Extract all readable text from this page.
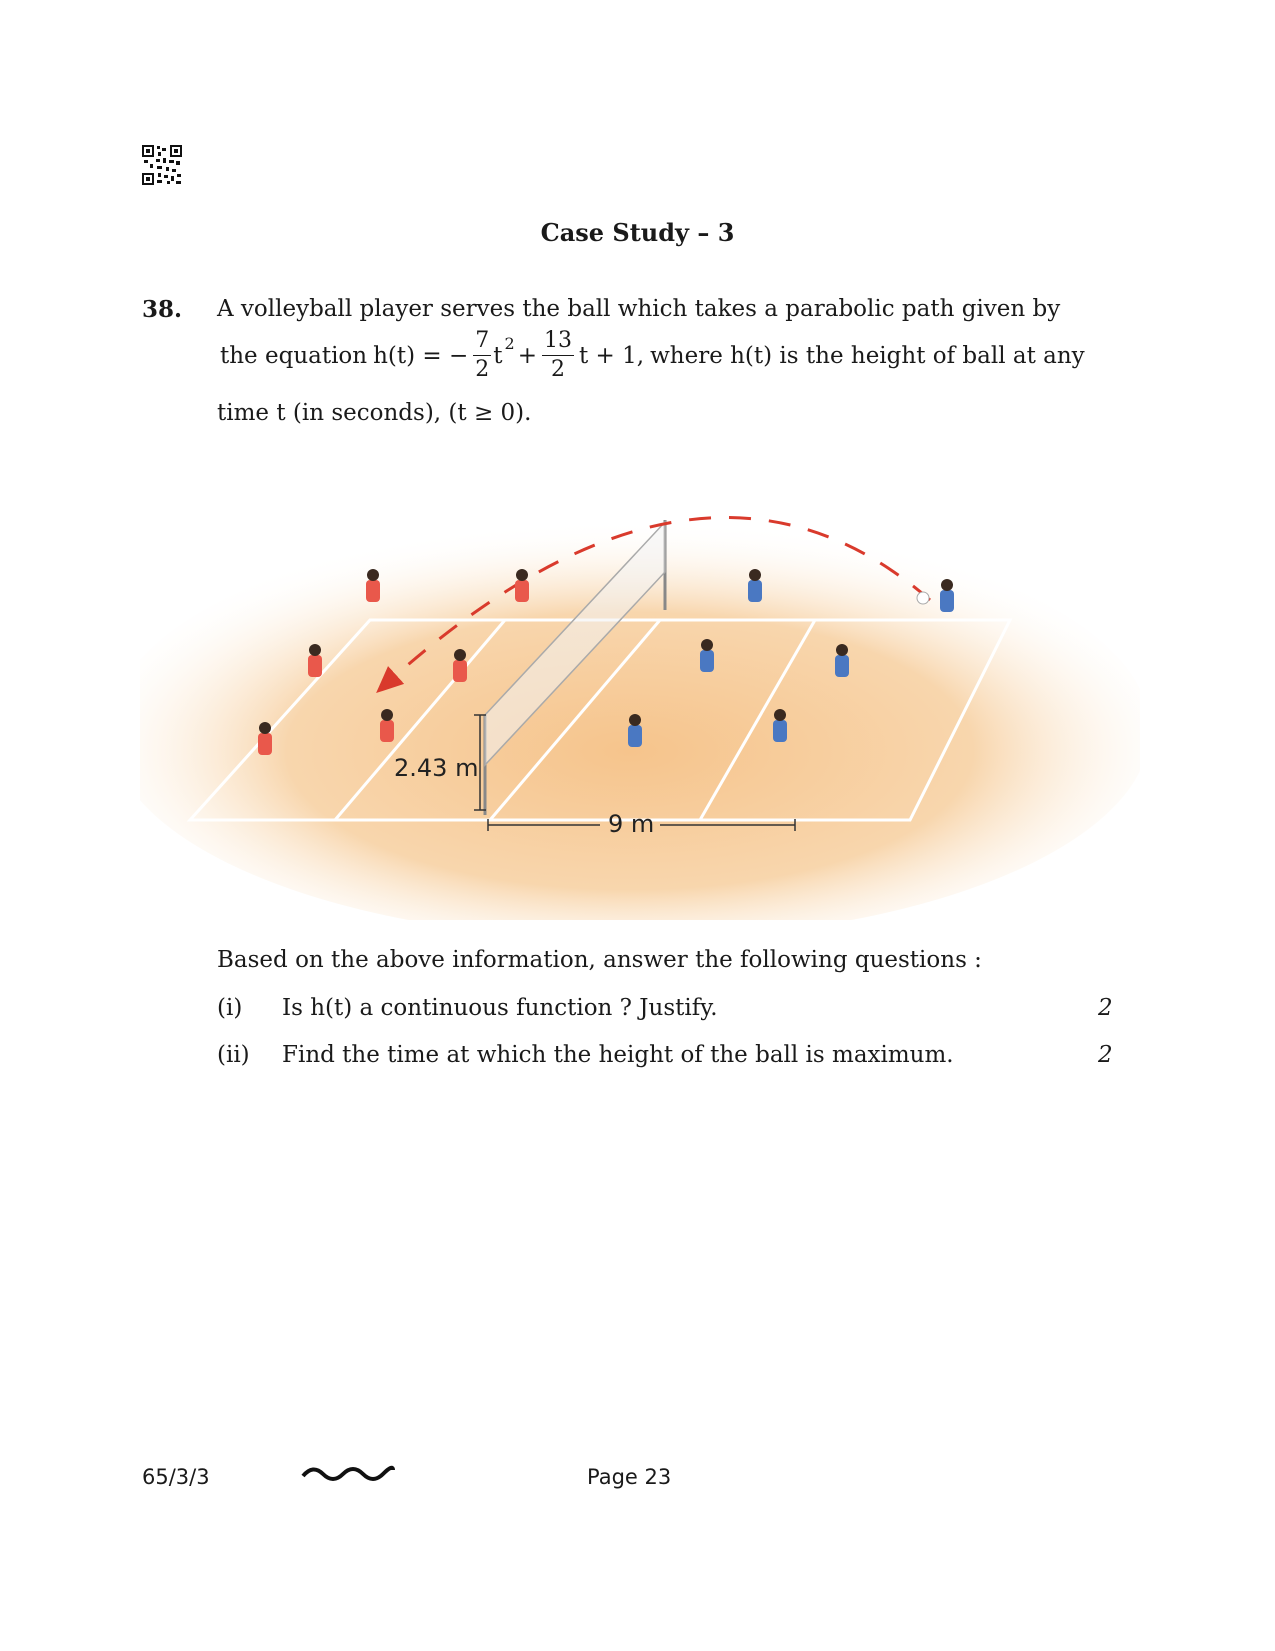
Case Study – 3
38. A volleyball player serves the ball which takes a parabolic path given by
the equation h(t) = − $\frac{7}{2}$ t $2 + \frac{13}{2}$ t + 1, where h(t) is the height of ball at any
time t (in seconds), (t ≥ 0).
2.43 m
9 m
Based on the above information, answer the following questions :
(i) Is h(t) a continuous function ? Justify.	2
(ii) Find the time at which the height of the ball is maximum.	2
65/3/3	Page 23
